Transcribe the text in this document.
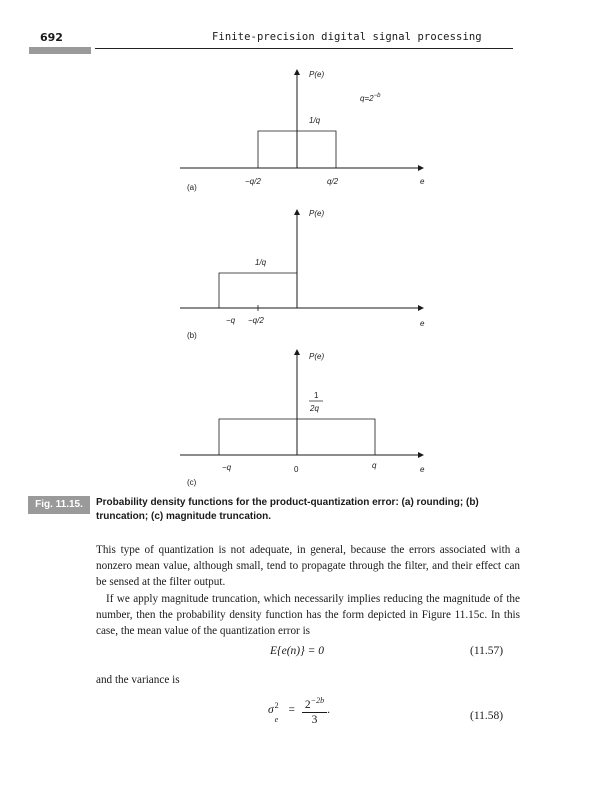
692	Finite-precision digital signal processing
P(e)
$q=2^{-b}$
1/q
−q/2	q/2	e
(a)
P(e)
1/q
−q −q/2	e
(b)
P(e)
1
2q
−q	0	q	e
(c)
Fig. 11.15.	Probability density functions for the product-quantization error: (a) rounding; (b) truncation; (c) magnitude truncation.
This type of quantization is not adequate, in general, because the errors associated with a nonzero mean value, although small, tend to propagate through the filter, and their effect can be sensed at the filter output.
If we apply magnitude truncation, which necessarily implies reducing the magnitude of the number, then the probability density function has the form depicted in Figure 11.15c. In this case, the mean value of the quantization error is
E{e(n)} = 0	(11.57)
and the variance is
σ 2
e
= $\frac{2^{-2b}}{3}$ .	(11.58)
